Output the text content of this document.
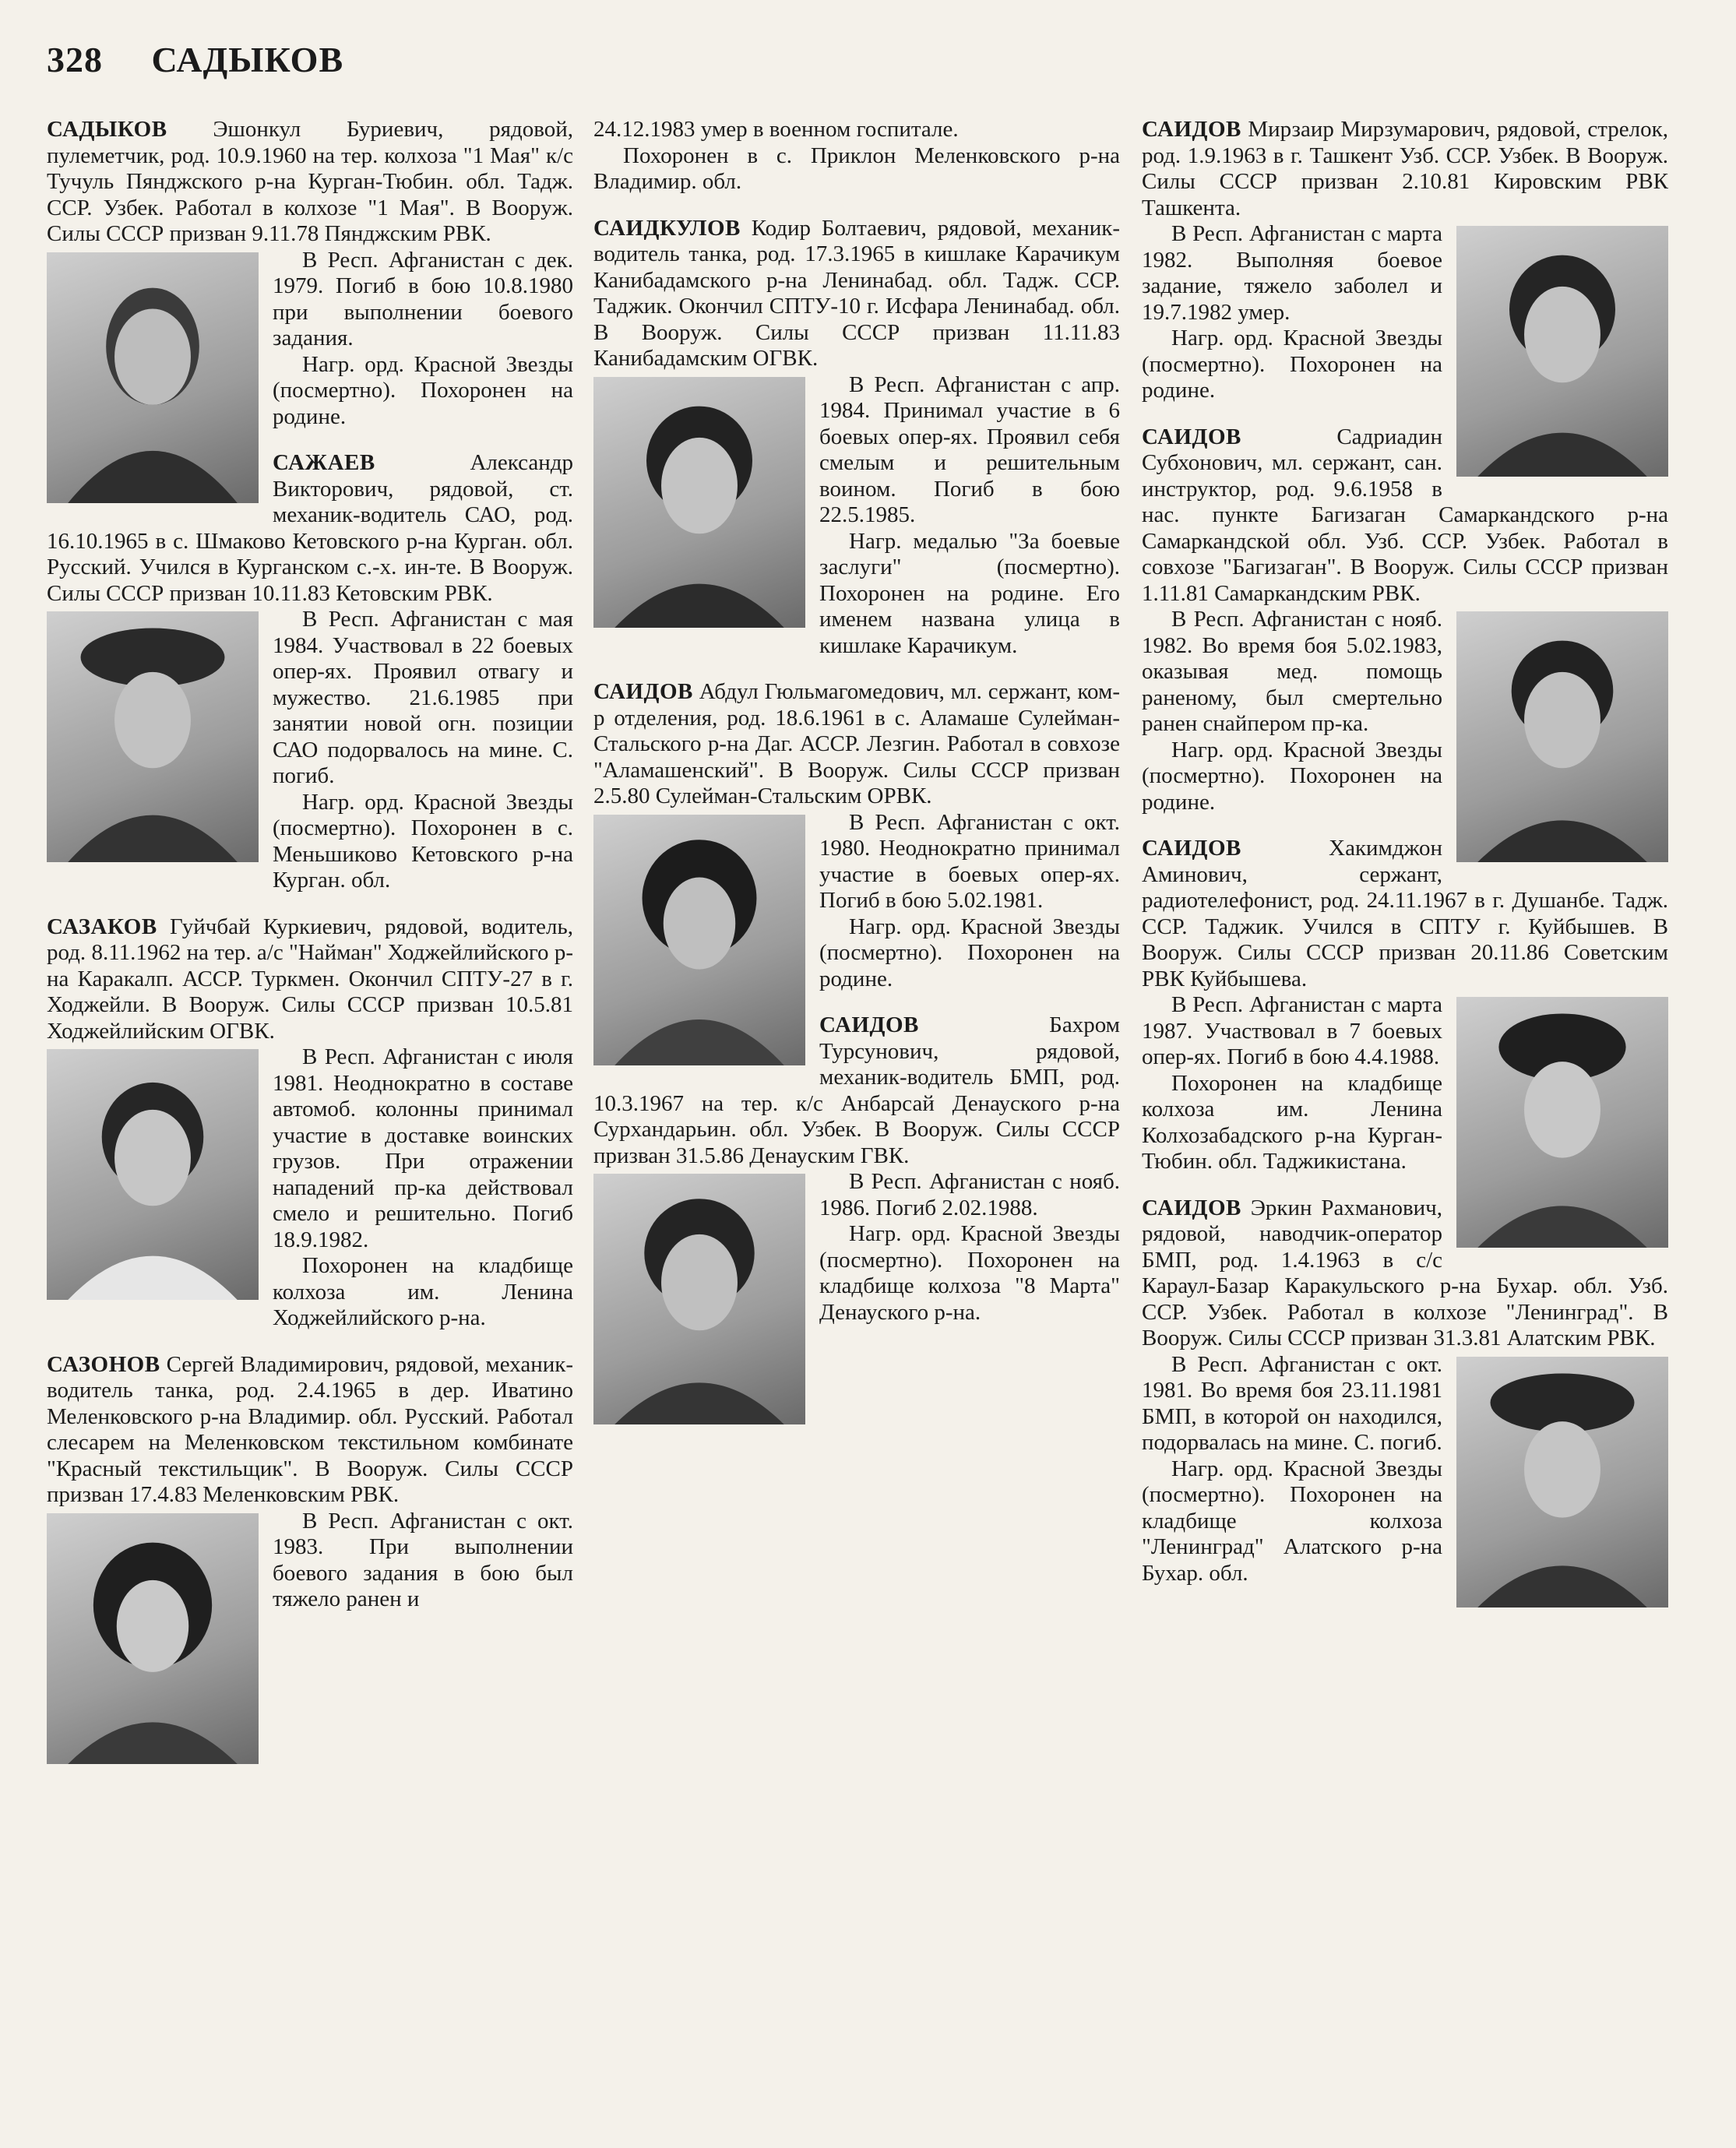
328 САДЫКОВ

САДЫКОВ Эшонкул Буриевич, рядовой, пулеметчик, род. 10.9.1960 на тер. колхоза "1 Мая" к/с Тучуль Пянджского р-на Курган-Тюбин. обл. Тадж. ССР. Узбек. Работал в колхозе "1 Мая". В Воорyж. Силы СССР призван 9.11.78 Пянджским РВК.

В Респ. Афганистан с дек. 1979. Погиб в бою 10.8.1980 при выполнении боевого задания.

Нагр. орд. Красной Звезды (посмертно). Похоронен на родине.

САЖАЕВ	Александр Викторович, рядовой, ст. механик-водитель САО, род. 16.10.1965 в с. Шмаково Кетовского р-на Курган. обл. Русский. Учился в Курганском с.-х. ин-те. В Вооруж. Силы СССР призван 10.11.83 Кетовским РВК.

В Респ. Афганистан с мая 1984. Участвовал в 22 боевых опер-ях. Проявил отвагу и мужество. 21.6.1985 при занятии новой огн. позиции САО подорвалось на мине. С. погиб.

Нагр. орд. Красной Звезды (посмертно). Похоронен в с. Меньшиково Кетовского р-на Курган. обл.

САЗАКОВ Гуйчбай Куркиевич, рядовой, водитель, род. 8.11.1962 на тер. а/с "Найман" Ходжейлийского р-на Каракалп. АССР. Туркмен. Окончил СПТУ-27 в г. Ходжейли. В Вооруж. Силы СССР призван 10.5.81 Ходжейлийским ОГВК.

В Респ. Афганистан с июля 1981. Неоднократно в составе автомоб. колонны принимал участие в доставке воинских грузов. При отражении нападений пр-ка действовал смело и решительно. Погиб 18.9.1982.

Похоронен на кладбище колхоза им. Ленина Ходжейлийского р-на.

САЗОНОВ Сергей Владимирович, рядовой, механик-водитель танка, род. 2.4.1965 в дер. Иватино Меленковского р-на Владимир. обл. Русский. Работал слесарем на Меленковском текстильном комбинате "Красный текстильщик". В Вооруж. Силы СССР призван 17.4.83 Меленковским РВК.

В Респ. Афганистан с окт. 1983. При выполнении боевого задания в бою был тяжело ранен и

24.12.1983 умер в военном госпитале.

Похоронен в с. Приклон Меленковского р-на Владимир. обл.

САИДКУЛОВ Кодир Болтаевич, рядовой, механик-водитель танка, род. 17.3.1965 в кишлаке Карачикум Канибадамского р-на Ленинабад. обл. Тадж. ССР. Таджик. Окончил СПТУ-10 г. Исфара Ленинабад. обл. В Вооруж. Силы СССР призван 11.11.83 Канибадамским ОГВК.

В Респ. Афганистан с апр. 1984. Принимал участие в 6 боевых опер-ях. Проявил себя смелым и решительным воином. Погиб в бою 22.5.1985.

Нагр. медалью "За боевые заслуги" (посмертно). Похоронен на родине. Его именем названа улица в кишлаке Карачикум.

САИДОВ Абдул Гюльмагомедович, мл. сержант, ком-р отделения, род. 18.6.1961 в с. Аламаше Сулейман-Стальского р-на Даг. АССР. Лезгин. Работал в совхозе "Аламашенский". В Вооруж. Силы СССР призван 2.5.80 Сулейман-Стальским ОРВК.

В Респ. Афганистан с окт. 1980. Неоднократно принимал участие в боевых опер-ях. Погиб в бою 5.02.1981.

Нагр. орд. Красной Звезды (посмертно). Похоронен на родине.

САИДОВ	Бахром Турсунович, рядовой, механик-водитель БМП, род. 10.3.1967 на тер. к/с Анбарсай Денауского р-на Сурхандарьин. обл. Узбек. В Вооруж. Силы СССР призван 31.5.86 Денауским ГВК.

В Респ. Афганистан с нояб. 1986. Погиб 2.02.1988.

Нагр. орд. Красной Звезды (посмертно). Похоронен на кладбище колхоза "8 Марта" Денауского р-на.

САИДОВ Мирзаир Мирзумарович, рядовой, стрелок, род. 1.9.1963 в г. Ташкент Узб. ССР. Узбек. В Вооруж. Силы СССР призван 2.10.81 Кировским РВК Ташкента.

В Респ. Афганистан с марта 1982. Выполняя боевое задание, тяжело заболел и 19.7.1982 умер.

Нагр. орд. Красной Звезды (посмертно). Похоронен на родине.

САИДОВ	Садриадин Субхонович, мл. сержант, сан. инструктор, род. 9.6.1958 в нас. пункте Багизаган Самаркандского р-на Самаркандской обл. Узб. ССР. Узбек. Работал в совхозе "Багизаган". В Вооруж. Силы СССР призван 1.11.81 Самаркандским РВК.

В Респ. Афганистан с нояб. 1982. Во время боя 5.02.1983, оказывая мед. помощь раненому, был смертельно ранен снайпером пр-ка.

Нагр. орд. Красной Звезды (посмертно). Похоронен на родине.

САИДОВ	Хакимджон Аминович, сержант, радиотелефонист, род. 24.11.1967 в г. Душанбе. Тадж. ССР. Таджик. Учился в СПТУ г. Куйбышев. В Вооруж. Силы СССР призван 20.11.86 Советским РВК Куйбышева.

В Респ. Афганистан с марта 1987. Участвовал в 7 боевых опер-ях. Погиб в бою 4.4.1988.

Похоронен на кладбище колхоза им. Ленина Колхозабадского р-на Курган-Тюбин. обл. Таджикистана.

САИДОВ Эркин Рахманович, рядовой, наводчик-оператор БМП, род. 1.4.1963 в с/с Караул-Базар Каракульского р-на Бухар. обл. Узб. ССР. Узбек. Работал в колхозе "Ленинград". В Вооруж. Силы СССР призван 31.3.81 Алатским РВК.

В Респ. Афганистан с окт. 1981. Во время боя 23.11.1981 БМП, в которой он находился, подорвалась на мине. С. погиб.

Нагр. орд. Красной Звезды (посмертно). Похоронен на кладбище колхоза "Ленинград" Алатского р-на Бухар. обл.
